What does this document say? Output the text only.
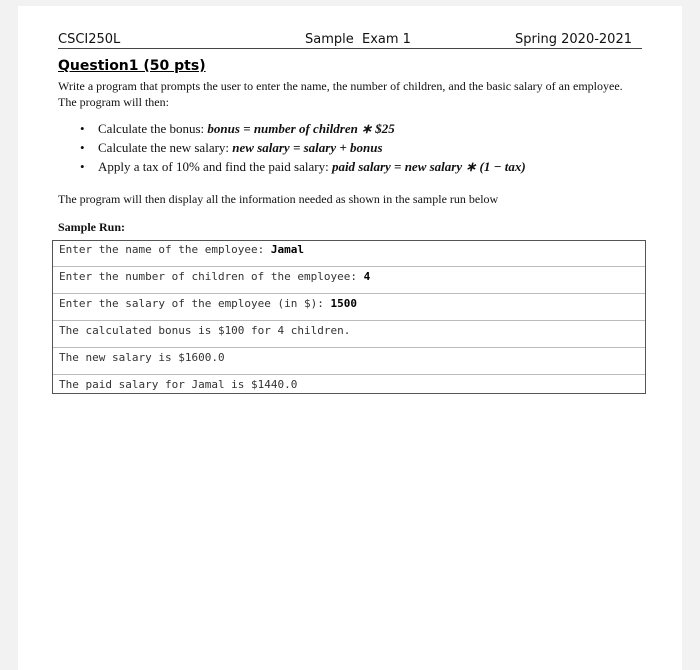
CSCI250L	Sample  Exam 1	Spring 2020-2021
Question1 (50 pts)
Write a program that prompts the user to enter the name, the number of children, and the basic salary of an employee.
The program will then:
• Calculate the bonus: bonus = number of children ∗ $25
• Calculate the new salary: new salary = salary + bonus
• Apply a tax of 10% and find the paid salary: paid salary = new salary ∗ (1 − tax)
The program will then display all the information needed as shown in the sample run below
Sample Run:
Enter the name of the employee: Jamal
Enter the number of children of the employee: 4
Enter the salary of the employee (in $): 1500
The calculated bonus is $100 for 4 children.
The new salary is $1600.0
The paid salary for Jamal is $1440.0
